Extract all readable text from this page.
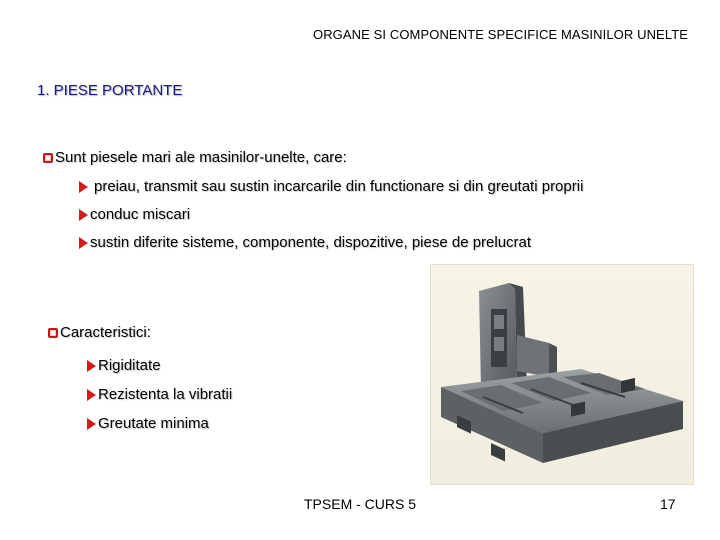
ORGANE SI COMPONENTE SPECIFICE MASINILOR UNELTE
1. PIESE PORTANTE
Sunt piesele mari ale masinilor-unelte, care:
preiau, transmit sau sustin incarcarile din functionare si din greutati proprii
conduc miscari
sustin diferite sisteme, componente, dispozitive, piese de prelucrat
Caracteristici:
Rigiditate
Rezistenta la vibratii
Greutate minima
TPSEM - CURS 5	17
